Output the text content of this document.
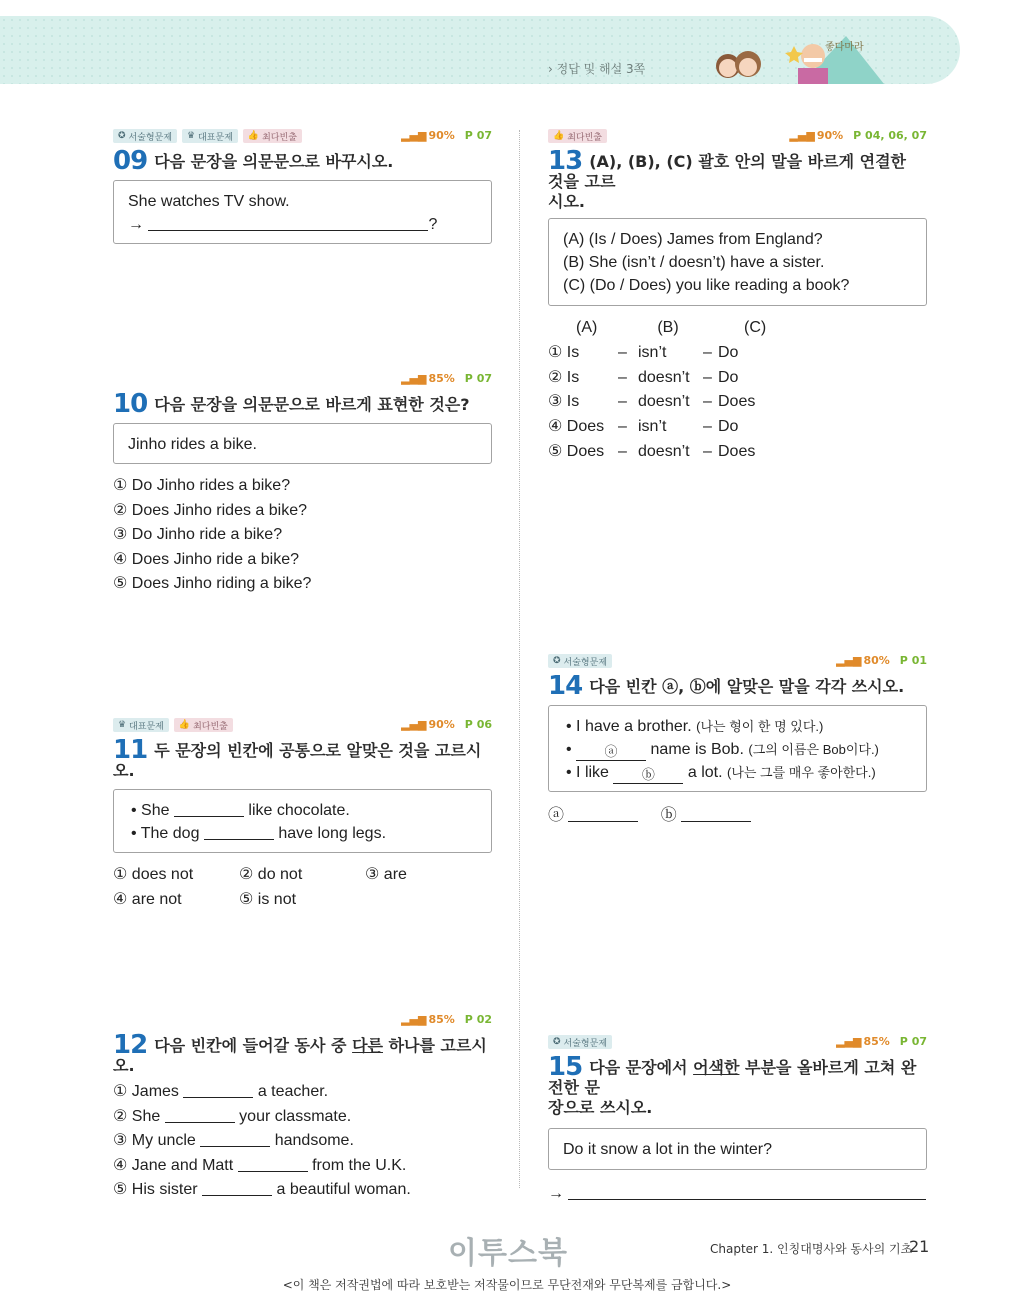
› 정답 및 해설 3쪽
좋다마라
✪ 서술형문제 ♛ 대표문제 👍 최다빈출	▂▄▆ 90% P 07
09 다음 문장을 의문문으로 바꾸시오.
She watches TV show.
→	?
▂▄▆ 85% P 07
10 다음 문장을 의문문으로 바르게 표현한 것은?
Jinho rides a bike.
① Do Jinho rides a bike?
② Does Jinho rides a bike?
③ Do Jinho ride a bike?
④ Does Jinho ride a bike?
⑤ Does Jinho riding a bike?
♛ 대표문제 👍 최다빈출	▂▄▆ 90% P 06
11 두 문장의 빈칸에 공통으로 알맞은 것을 고르시오.
• She	like chocolate.
• The dog	have long legs.
① does not	② do not	③ are
④ are not	⑤ is not
▂▄▆ 85% P 02
12 다음 빈칸에 들어갈 동사 중 다른 하나를 고르시오.
① James	a teacher.
② She	your classmate.
③ My uncle	handsome.
④ Jane and Matt	from the U.K.
⑤ His sister	a beautiful woman.
👍 최다빈출	▂▄▆ 90% P 04, 06, 07
13 (A), (B), (C) 괄호 안의 말을 바르게 연결한 것을 고르
시오.
(A) (Is / Does) James from England?
(B) She (isn’t / doesn’t) have a sister.
(C) (Do / Does) you like reading a book?
(A)	(B)	(C)
① Is	– isn’t	– Do
② Is	– doesn’t – Do
③ Is	– doesn’t – Does
④ Does – isn’t	– Do
⑤ Does – doesn’t – Does
✪ 서술형문제	▂▄▆ 80% P 01
14 다음 빈칸 ⓐ, ⓑ에 알맞은 말을 각각 쓰시오.
• I have a brother. (나는 형이 한 명 있다.)
•	ⓐ name is Bob. (그의 이름은 Bob이다.)
• I like	ⓑ a lot. (나는 그를 매우 좋아한다.)
ⓐ	ⓑ
✪ 서술형문제	▂▄▆ 85% P 07
15 다음 문장에서 어색한 부분을 올바르게 고쳐 완전한 문
장으로 쓰시오.
Do it snow a lot in the winter?
→
이투스북	Chapter 1. 인칭대명사와 동사의 기초
21
<이 책은 저작권법에 따라 보호받는 저작물이므로 무단전재와 무단복제를 금합니다.>
